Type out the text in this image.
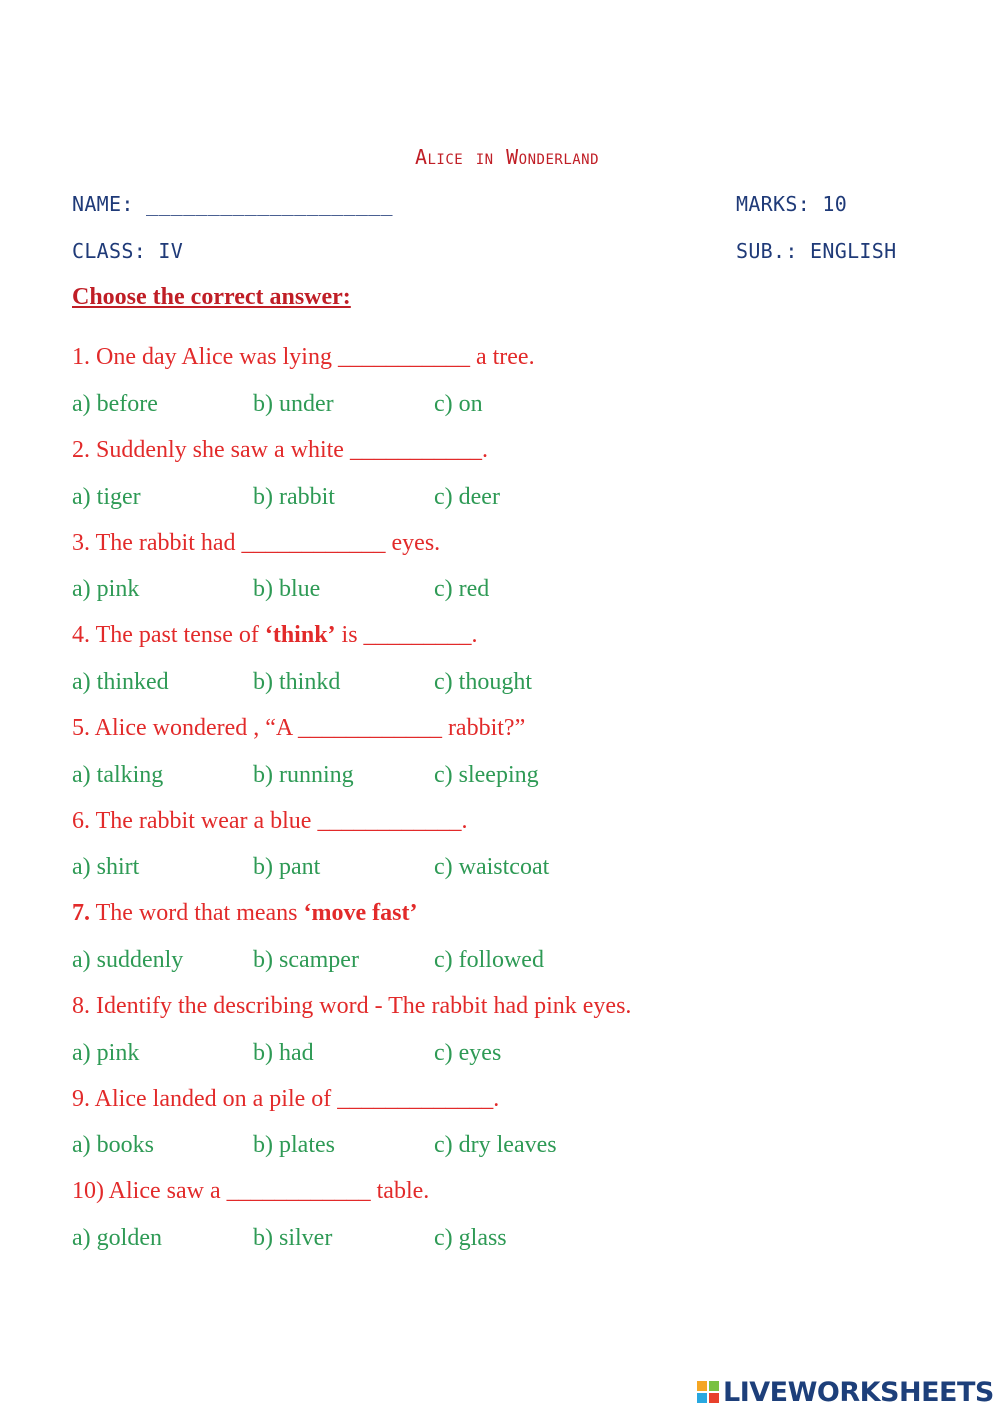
Alice in Wonderland
NAME: ____________________	MARKS: 10
CLASS: IV	SUB.: ENGLISH
Choose the correct answer:
1. One day Alice was lying ___________ a tree.
a) before	b) under	c) on
2. Suddenly she saw a white ___________.
a) tiger	b) rabbit	c) deer
3. The rabbit had ____________ eyes.
a) pink	b) blue	c) red
4. The past tense of ‘think’ is _________.
a) thinked	b) thinkd	c) thought
5. Alice wondered , “A ____________ rabbit?”
a) talking	b) running	c) sleeping
6. The rabbit wear a blue ____________.
a) shirt	b) pant	c) waistcoat
7. The word that means ‘move fast’
a) suddenly	b) scamper	c) followed
8. Identify the describing word - The rabbit had pink eyes.
a) pink	b) had	c) eyes
9. Alice landed on a pile of _____________.
a) books	b) plates	c) dry leaves
10) Alice saw a ____________ table.
a) golden	b) silver	c) glass
LIVEWORKSHEETS
